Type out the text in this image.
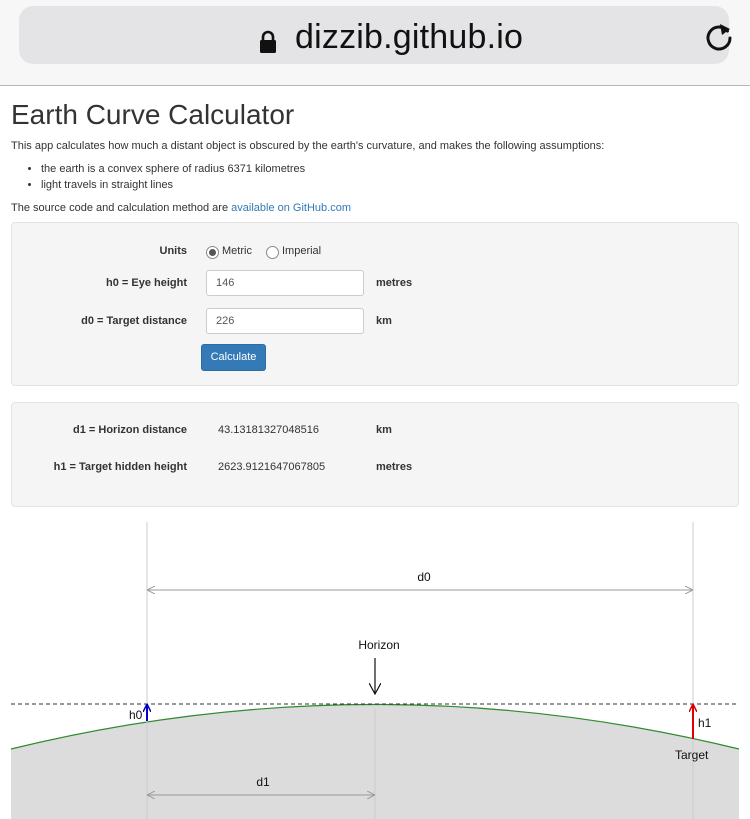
dizzib.github.io
Earth Curve Calculator
This app calculates how much a distant object is obscured by the earth's curvature, and makes the following assumptions:
• the earth is a convex sphere of radius 6371 kilometres
• light travels in straight lines
The source code and calculation method are available on GitHub.com
Units	Metric	Imperial
h0 = Eye height	146	metres
d0 = Target distance	226	km
Calculate
d1 = Horizon distance	43.13181327048516	km
h1 = Target hidden height	2623.9121647067805	metres
d0
Horizon
h0
h1
Target
d1
